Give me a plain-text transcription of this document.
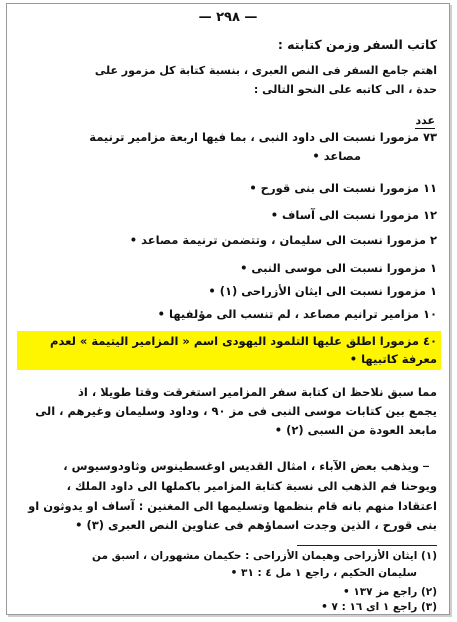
— ٢٩٨ —
كاتب السفر وزمن كتابته :
اهتم جامع السفر فى النص العبرى ، بنسبة كتابة كل مزمور على
حدة ، الى كاتبه على النحو التالى :
عدد
٧٣ مزمورا نسبت الى داود النبى ، بما فيها اربعة مزامير ترنيمة
مصاعد •
١١ مزمورا نسبت الى بنى قورح •
١٢ مزمورا نسبت الى آساف •
٢ مزمورا نسبت الى سليمان ، وتتضمن ترنيمة مصاعد •
١ مزمورا نسبت الى موسى النبى •
١ مزمورا نسبت الى ايثان الأزراحى (١) •
١٠ مزامير ترانيم مصاعد ، لم تنسب الى مؤلفيها •
٤٠ مزمورا اطلق عليها التلمود اليهودى اسم « المزامير اليتيمة » لعدم
معرفة كاتبيها •
مما سبق نلاحظ ان كتابة سفر المزامير استغرقت وقتا طويلا ، اذ
يجمع بين كتابات موسى النبى فى مز ٩٠ ، وداود وسليمان وغيرهم ، الى
مابعد العودة من السبى (٢) •
_
ويذهب بعض الآباء ، امثال القديس اوغسطينوس وثاودوسيوس ،
ويوحنا فم الذهب الى نسبة كتابة المزامير باكملها الى داود الملك ،
اعتقادا منهم بانه قام بنظمها وتسليمها الى المغنين : آساف او يدوثون او
بنى قورح ، الذين وجدت اسماؤهم فى عناوين النص العبرى (٣) •
(١) ايثان الأزراحى وهيمان الأزراحى : حكيمان مشهوران ، اسبق من
سليمان الحكيم ، راجع ١ مل ٤ : ٣١ •
(٢) راجع مز ١٣٧ •
(٣) راجع ١ اى ١٦ : ٧ •
